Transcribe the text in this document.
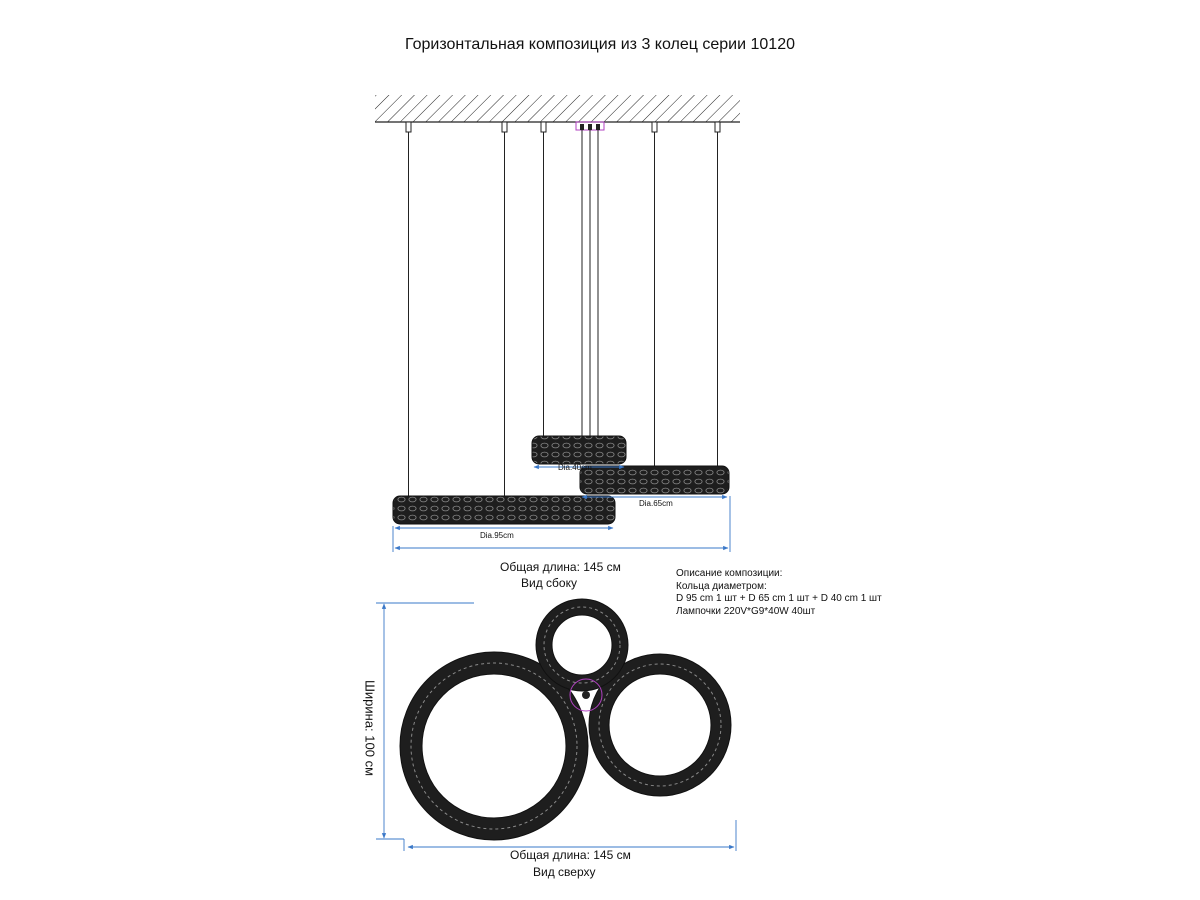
Горизонтальная композиция из 3 колец серии 10120
Dia.40cm
Dia.65cm
Dia.95cm
Общая длина: 145 см
Вид сбоку
Описание композиции:
Кольца диаметром:
D 95 cm 1 шт + D 65 cm 1 шт + D 40 cm 1 шт
Лампочки 220V*G9*40W 40шт
Ширина: 100 см
Общая длина: 145 см
Вид сверху
